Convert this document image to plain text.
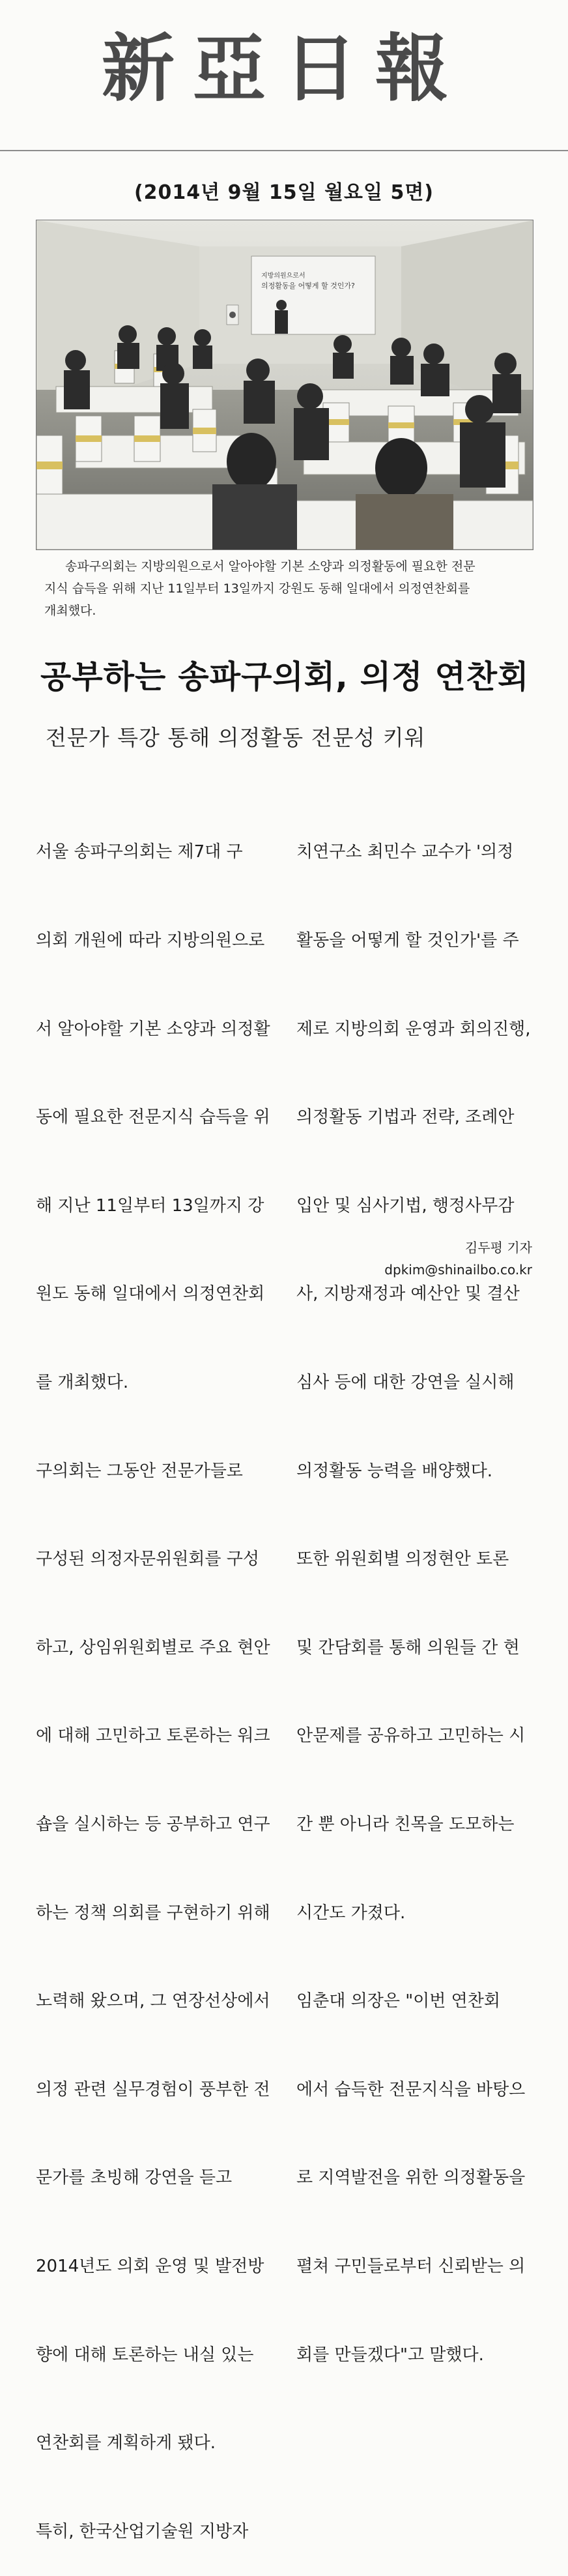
新亞日報
(2014년 9월 15일 월요일 5면)
지방의원으로서
의정활동을 어떻게 할 것인가?
송파구의회는 지방의원으로서 알아야할 기본 소양과 의정활동에 필요한 전문
지식 습득을 위해 지난 11일부터 13일까지 강원도 동해 일대에서 의정연찬회를
개최했다.
공부하는 송파구의회, 의정 연찬회
전문가 특강 통해 의정활동 전문성 키워

서울 송파구의회는 제7대 구

의회 개원에 따라 지방의원으로

서 알아야할 기본 소양과 의정활

동에 필요한 전문지식 습득을 위

해 지난 11일부터 13일까지 강

원도 동해 일대에서 의정연찬회

를 개최했다.

구의회는 그동안 전문가들로

구성된 의정자문위원회를 구성

하고, 상임위원회별로 주요 현안

에 대해 고민하고 토론하는 워크

숍을 실시하는 등 공부하고 연구

하는 정책 의회를 구현하기 위해

노력해 왔으며, 그 연장선상에서

의정 관련 실무경험이 풍부한 전

문가를 초빙해 강연을 듣고

2014년도 의회 운영 및 발전방

향에 대해 토론하는 내실 있는

연찬회를 계획하게 됐다.

특히, 한국산업기술원 지방자

치연구소 최민수 교수가 '의정

활동을 어떻게 할 것인가'를 주

제로 지방의회 운영과 회의진행,

의정활동 기법과 전략, 조례안

입안 및 심사기법, 행정사무감

사, 지방재정과 예산안 및 결산

심사 등에 대한 강연을 실시해

의정활동 능력을 배양했다.

또한 위원회별 의정현안 토론

및 간담회를 통해 의원들 간 현

안문제를 공유하고 고민하는 시

간 뿐 아니라 친목을 도모하는

시간도 가졌다.

임춘대 의장은 "이번 연찬회

에서 습득한 전문지식을 바탕으

로 지역발전을 위한 의정활동을

펼쳐 구민들로부터 신뢰받는 의

회를 만들겠다"고 말했다.

김두평 기자
dpkim@shinailbo.co.kr
